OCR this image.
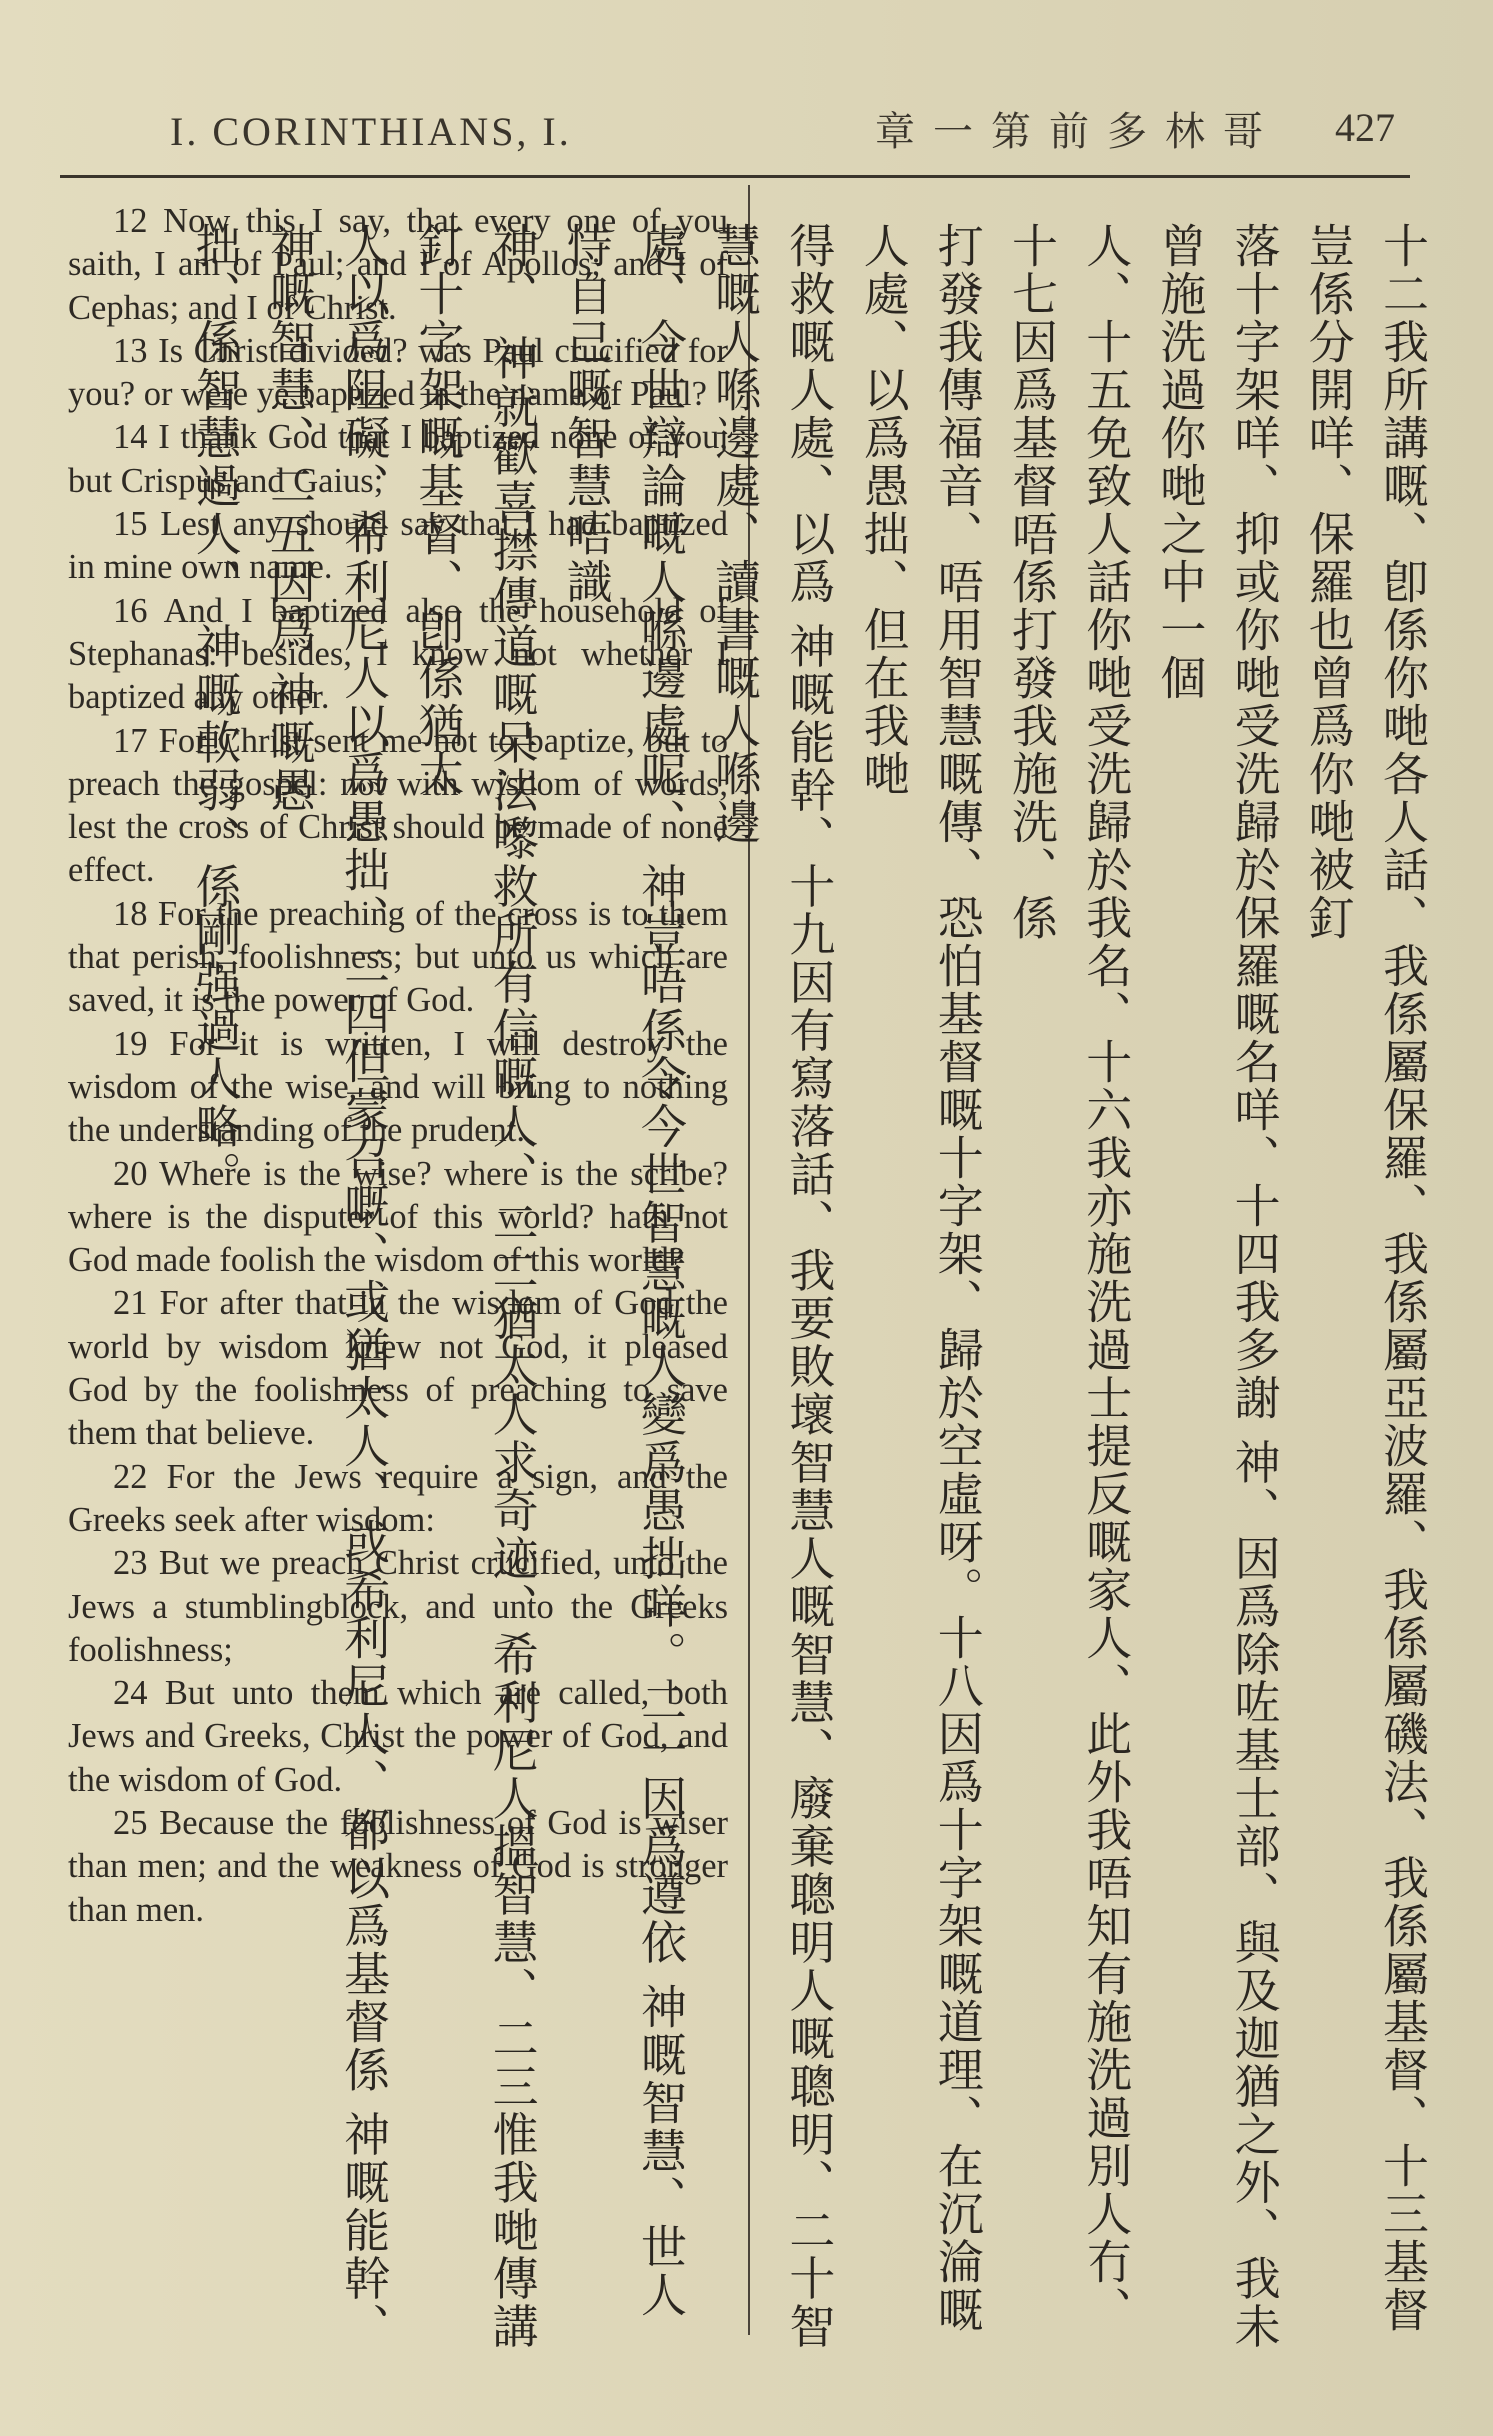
I. CORINTHIANS, I.	章一第前多林哥 427

12 Now this I say, that every one of you saith, I am of Paul; and I of Apollos; and I of Cephas; and I of Christ.

13 Is Christ divided? was Paul crucified for you? or were ye baptized in the name of Paul?

14 I thank God that I baptized none of you, but Crispus and Gaius;

15 Lest any should say that I had baptized in mine own name.

16 And I baptized also the household of Stephanas: besides, I know not whether I baptized any other.

17 For Christ sent me not to baptize, but to preach the gospel: not with wisdom of words, lest the cross of Christ should be made of none effect.

18 For the preaching of the cross is to them that perish, foolishness; but unto us which are saved, it is the power of God.

19 For it is written, I will destroy the wisdom of the wise, and will bring to nothing the understanding of the prudent.

20 Where is the wise? where is the scribe? where is the disputer of this world? hath not God made foolish the wisdom of this world?

21 For after that in the wisdom of God the world by wisdom knew not God, it pleased God by the foolishness of preaching to save them that believe.

22 For the Jews require a sign, and the Greeks seek after wisdom:

23 But we preach Christ crucified, unto the Jews a stumblingblock, and unto the Greeks foolishness;

24 But unto them which are called, both Jews and Greeks, Christ the power of God, and the wisdom of God.

25 Because the foolishness of God is wiser than men; and the weakness of God is stronger than men.	十二我所講嘅、卽係你哋各人話、我係屬保羅、我係屬亞波羅、我係屬磯法、我係屬基督、十三基督豈係分開咩、保羅也曾爲你哋被釘
落十字架咩、抑或你哋受洗歸於保羅嘅名咩、十四我多謝 神、因爲除咗基士部、與及迦猶之外、我未曾施洗過你哋之中一個
人、十五免致人話你哋受洗歸於我名、十六我亦施洗過士提反嘅家人、此外我唔知有施洗過別人冇、十七因爲基督唔係打發我施洗、係
打發我傳福音、唔用智慧嘅傳、恐怕基督嘅十字架、歸於空虛呀。十八因爲十字架嘅道理、在沉淪嘅人處、以爲愚拙、但在我哋
得救嘅人處、以爲 神嘅能幹、十九因有寫落話、我要敗壞智慧人嘅智慧、廢棄聰明人嘅聰明、二十智慧嘅人喺邊處、讀書嘅人喺邊
處、今世辯論嘅人喺邊處呢、 神豈唔係令今世智慧嘅人變爲愚拙咩。二一因爲遵依 神嘅智慧、世人恃自己嘅智慧唔識
神、 神就歡喜㩒傳道嘅呆法嚟救所有信嘅人、二二猶太人求奇迹、希利尼人搵智慧、二三惟我哋傳講釘十字架嘅基督、卽係猶太
人以爲阻礙、希利尼人以爲愚拙、二四但蒙召嘅、或猶太人、或希利尼人、都以爲基督係 神嘅能幹、 神嘅智慧、二五因爲 神嘅愚
拙、係智慧過人、 神嘅軟弱、係剛强過人略。
